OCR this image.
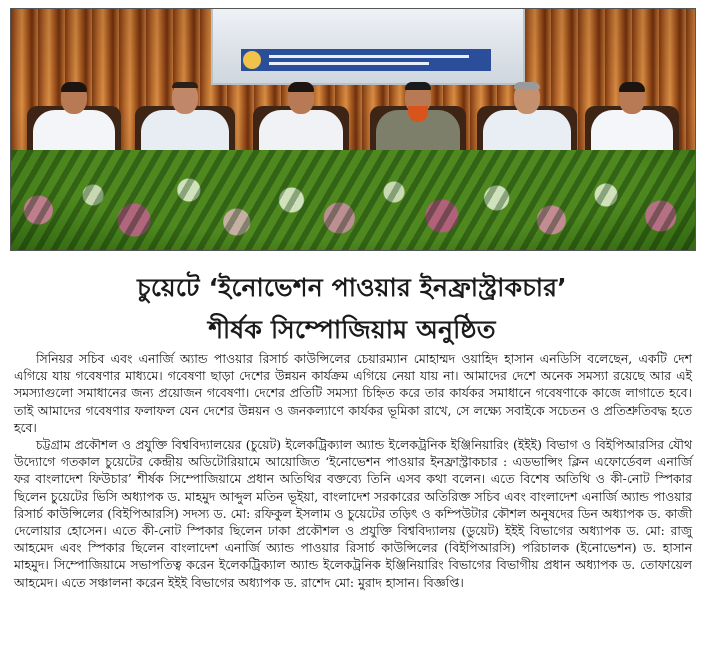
চুয়েটে ‘ইনোভেশন পাওয়ার ইনফ্রাস্ট্রাকচার’
শীর্ষক সিম্পোজিয়াম অনুষ্ঠিত

সিনিয়র সচিব এবং এনার্জি অ্যান্ড পাওয়ার রিসার্চ কাউন্সিলের চেয়ারম্যান মোহাম্মদ ওয়াহিদ হাসান এনডিসি বলেছেন, একটি দেশ এগিয়ে যায় গবেষণার মাধ্যমে। গবেষণা ছাড়া দেশের উন্নয়ন কার্যক্রম এগিয়ে নেয়া যায় না। আমাদের দেশে অনেক সমস্যা রয়েছে আর এই সমস্যাগুলো সমাধানের জন্য প্রয়োজন গবেষণা। দেশের প্রতিটি সমস্যা চিহ্নিত করে তার কার্যকর সমাধানে গবেষণাকে কাজে লাগাতে হবে। তাই আমাদের গবেষণার ফলাফল যেন দেশের উন্নয়ন ও জনকল্যাণে কার্যকর ভূমিকা রাখে, সে লক্ষ্যে সবাইকে সচেতন ও প্রতিশ্রুতিবদ্ধ হতে হবে।

চট্টগ্রাম প্রকৌশল ও প্রযুক্তি বিশ্ববিদ্যালয়ের (চুয়েট) ইলেকট্রিক্যাল অ্যান্ড ইলেকট্রনিক ইঞ্জিনিয়ারিং (ইইই) বিভাগ ও বিইপিআরসির যৌথ উদ্যোগে গতকাল চুয়েটের কেন্দ্রীয় অডিটোরিয়ামে আয়োজিত ‘ইনোভেশন পাওয়ার ইনফ্রাস্ট্রাকচার : এডভান্সিং ক্লিন এফোর্ডেবল এনার্জি ফর বাংলাদেশ ফিউচার’ শীর্ষক সিম্পোজিয়ামে প্রধান অতিথির বক্তব্যে তিনি এসব কথা বলেন। এতে বিশেষ অতিথি ও কী-নোট স্পিকার ছিলেন চুয়েটের ভিসি অধ্যাপক ড. মাহমুদ আব্দুল মতিন ভূইয়া, বাংলাদেশ সরকারের অতিরিক্ত সচিব এবং বাংলাদেশ এনার্জি অ্যান্ড পাওয়ার রিসার্চ কাউন্সিলের (বিইপিআরসি) সদস্য ড. মো: রফিকুল ইসলাম ও চুয়েটের তড়িৎ ও কম্পিউটার কৌশল অনুষদের ডিন অধ্যাপক ড. কাজী দেলোয়ার হোসেন। এতে কী-নোট স্পিকার ছিলেন ঢাকা প্রকৌশল ও প্রযুক্তি বিশ্ববিদ্যালয় (ডুয়েট) ইইই বিভাগের অধ্যাপক ড. মো: রাজু আহমেদ এবং স্পিকার ছিলেন বাংলাদেশ এনার্জি অ্যান্ড পাওয়ার রিসার্চ কাউন্সিলের (বিইপিআরসি) পরিচালক (ইনোভেশন) ড. হাসান মাহমুদ। সিম্পোজিয়ামে সভাপতিত্ব করেন ইলেকট্রিক্যাল অ্যান্ড ইলেকট্রনিক ইঞ্জিনিয়ারিং বিভাগের বিভাগীয় প্রধান অধ্যাপক ড. তোফায়েল আহমেদ। এতে সঞ্চালনা করেন ইইই বিভাগের অধ্যাপক ড. রাশেদ মো: মুরাদ হাসান। বিজ্ঞপ্তি।
